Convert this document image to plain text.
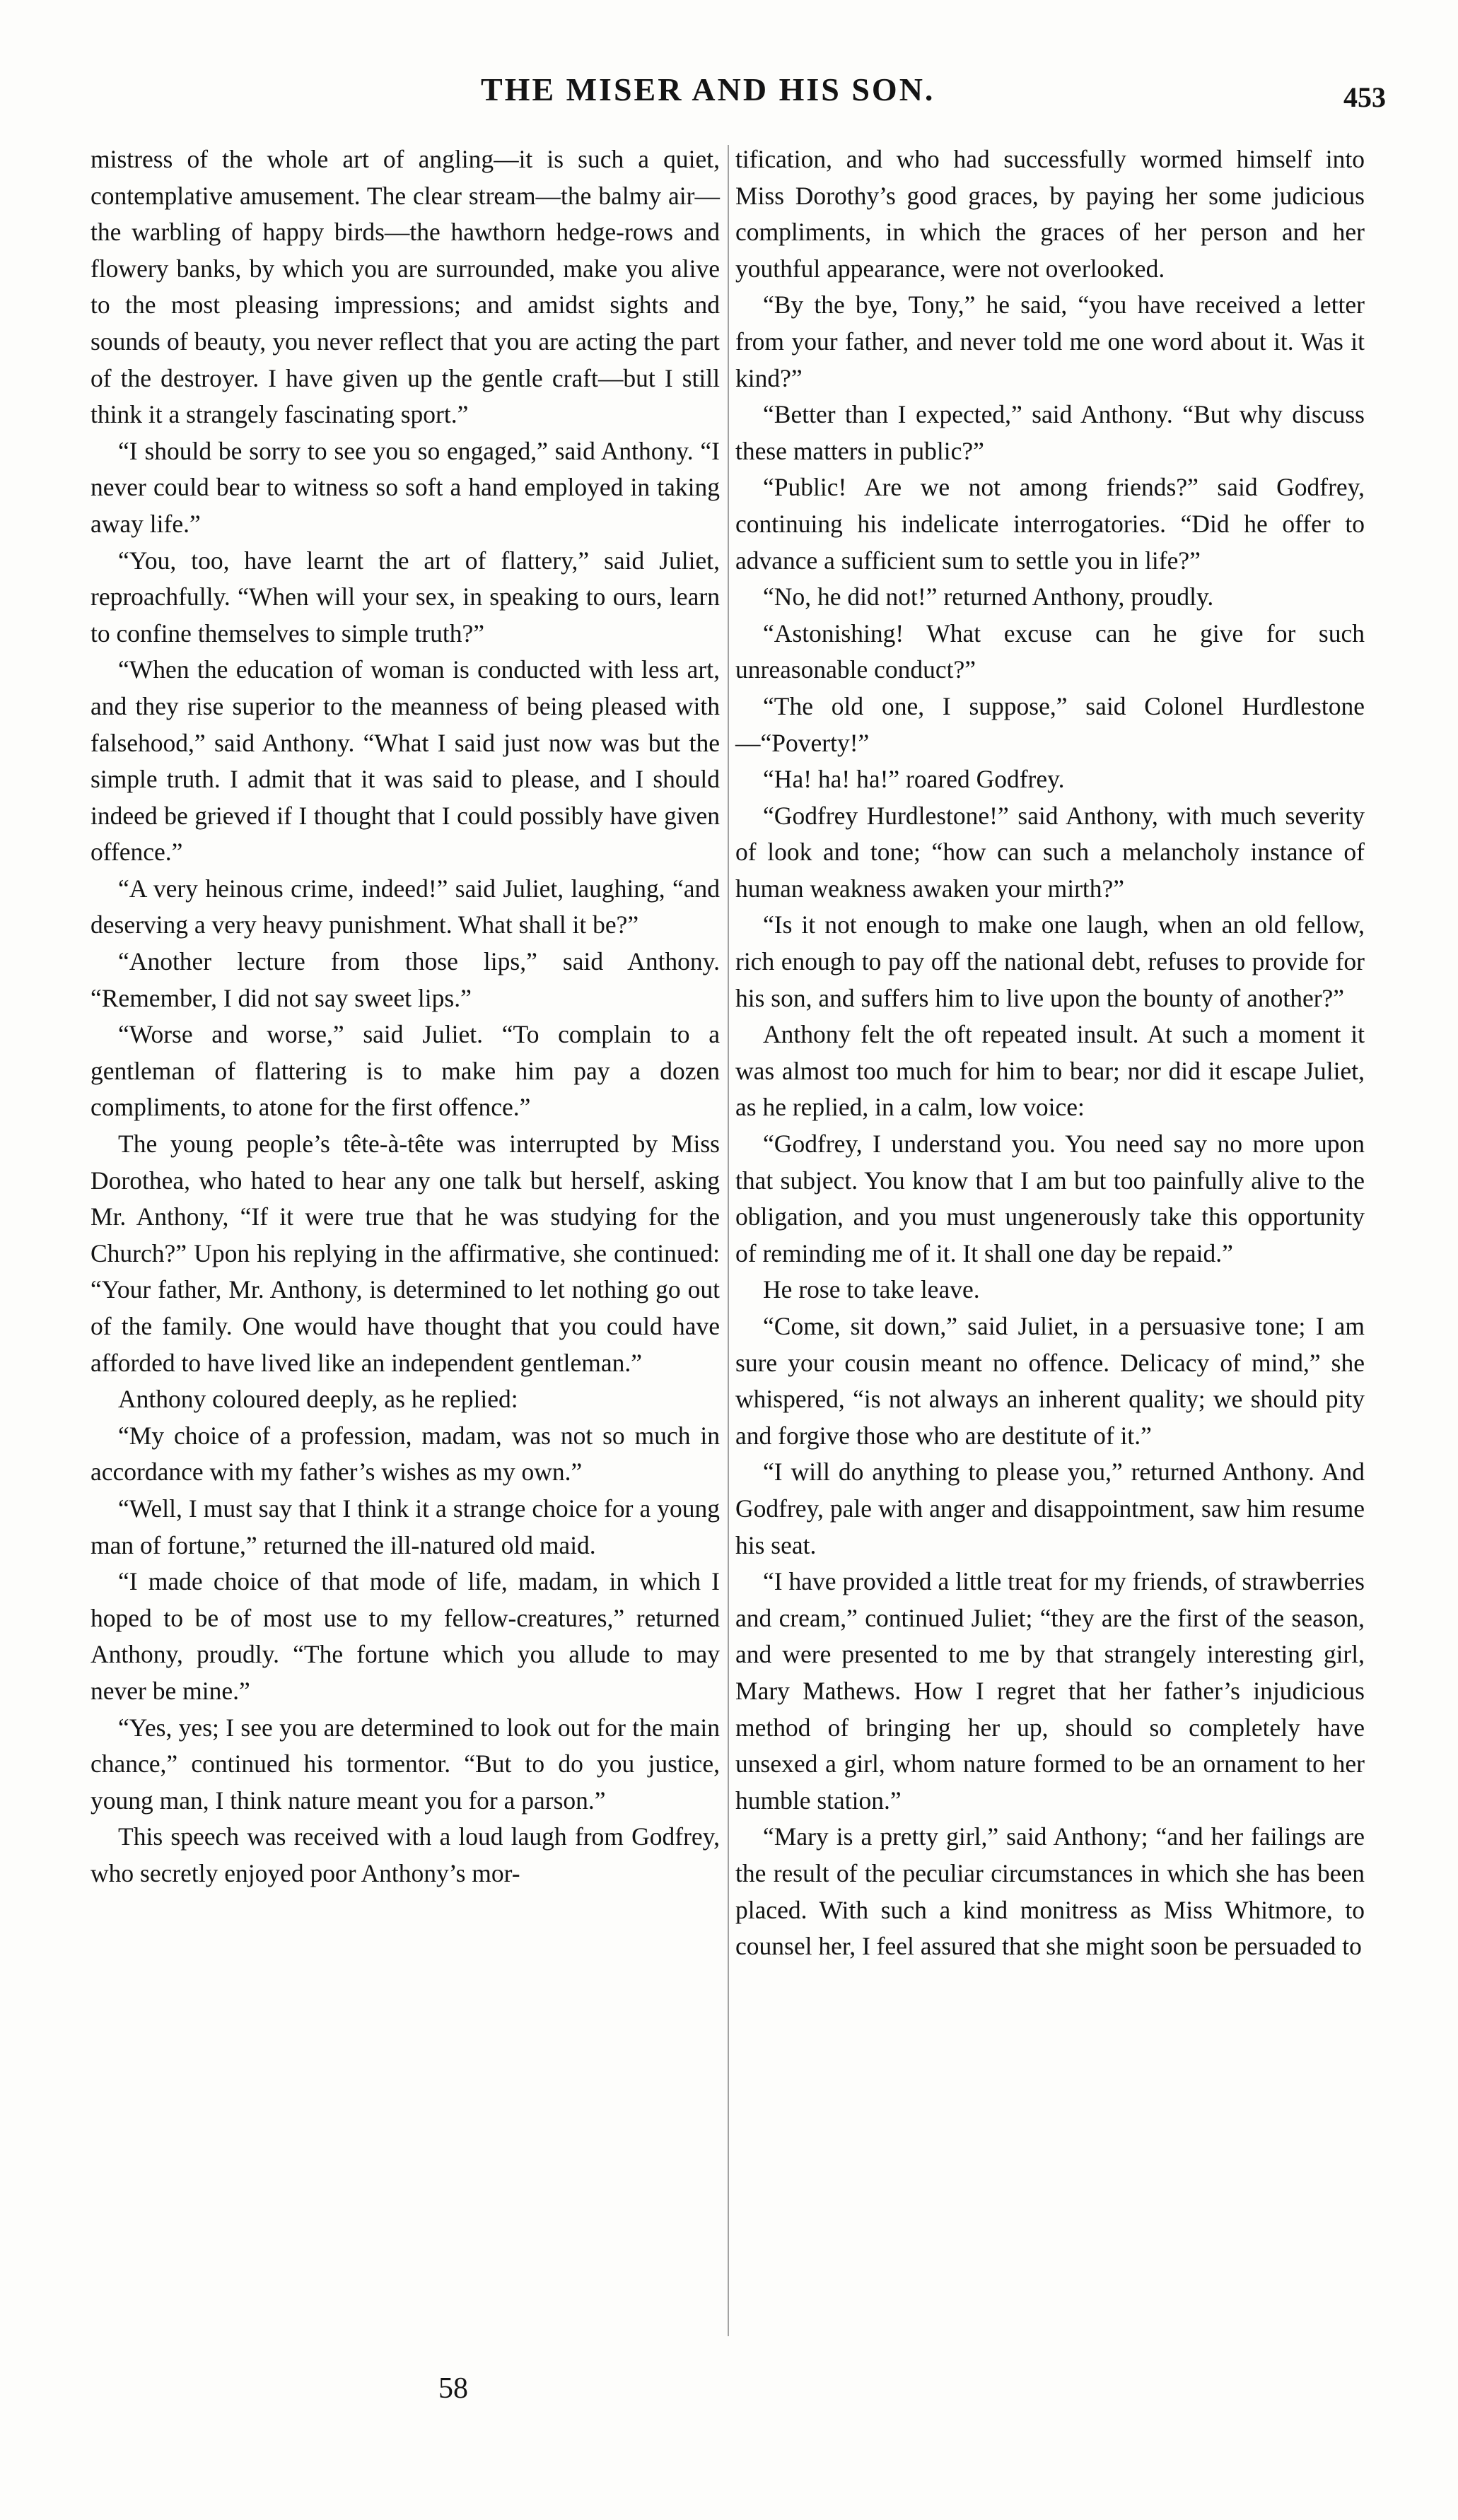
THE MISER AND HIS SON.	453

mistress of the whole art of angling—it is such a quiet, contemplative amusement. The clear stream—the balmy air—the warbling of happy birds—the hawthorn hedge-rows and flowery banks, by which you are surrounded, make you alive to the most pleasing impressions; and amidst sights and sounds of beauty, you never reflect that you are acting the part of the destroyer. I have given up the gentle craft—but I still think it a strangely fascinating sport.”

“I should be sorry to see you so engaged,” said Anthony. “I never could bear to witness so soft a hand employed in taking away life.”

“You, too, have learnt the art of flattery,” said Juliet, reproachfully. “When will your sex, in speaking to ours, learn to confine themselves to simple truth?”

“When the education of woman is conducted with less art, and they rise superior to the meanness of being pleased with falsehood,” said Anthony. “What I said just now was but the simple truth. I admit that it was said to please, and I should indeed be grieved if I thought that I could possibly have given offence.”

“A very heinous crime, indeed!” said Juliet, laughing, “and deserving a very heavy punishment. What shall it be?”

“Another lecture from those lips,” said Anthony. “Remember, I did not say sweet lips.”

“Worse and worse,” said Juliet. “To complain to a gentleman of flattering is to make him pay a dozen compliments, to atone for the first offence.”

The young people’s tête-à-tête was interrupted by Miss Dorothea, who hated to hear any one talk but herself, asking Mr. Anthony, “If it were true that he was studying for the Church?” Upon his replying in the affirmative, she continued: “Your father, Mr. Anthony, is determined to let nothing go out of the family. One would have thought that you could have afforded to have lived like an independent gentleman.”

Anthony coloured deeply, as he replied:

“My choice of a profession, madam, was not so much in accordance with my father’s wishes as my own.”

“Well, I must say that I think it a strange choice for a young man of fortune,” returned the ill-natured old maid.

“I made choice of that mode of life, madam, in which I hoped to be of most use to my fellow-creatures,” returned Anthony, proudly. “The fortune which you allude to may never be mine.”

“Yes, yes; I see you are determined to look out for the main chance,” continued his tormentor. “But to do you justice, young man, I think nature meant you for a parson.”

This speech was received with a loud laugh from Godfrey, who secretly enjoyed poor Anthony’s mor-

tification, and who had successfully wormed himself into Miss Dorothy’s good graces, by paying her some judicious compliments, in which the graces of her person and her youthful appearance, were not overlooked.

“By the bye, Tony,” he said, “you have received a letter from your father, and never told me one word about it. Was it kind?”

“Better than I expected,” said Anthony. “But why discuss these matters in public?”

“Public! Are we not among friends?” said Godfrey, continuing his indelicate interrogatories. “Did he offer to advance a sufficient sum to settle you in life?”

“No, he did not!” returned Anthony, proudly.

“Astonishing! What excuse can he give for such unreasonable conduct?”

“The old one, I suppose,” said Colonel Hurdlestone—“Poverty!”

“Ha! ha! ha!” roared Godfrey.

“Godfrey Hurdlestone!” said Anthony, with much severity of look and tone; “how can such a melancholy instance of human weakness awaken your mirth?”

“Is it not enough to make one laugh, when an old fellow, rich enough to pay off the national debt, refuses to provide for his son, and suffers him to live upon the bounty of another?”

Anthony felt the oft repeated insult. At such a moment it was almost too much for him to bear; nor did it escape Juliet, as he replied, in a calm, low voice:

“Godfrey, I understand you. You need say no more upon that subject. You know that I am but too painfully alive to the obligation, and you must ungenerously take this opportunity of reminding me of it. It shall one day be repaid.”

He rose to take leave.

“Come, sit down,” said Juliet, in a persuasive tone; I am sure your cousin meant no offence. Delicacy of mind,” she whispered, “is not always an inherent quality; we should pity and forgive those who are destitute of it.”

“I will do anything to please you,” returned Anthony. And Godfrey, pale with anger and disappointment, saw him resume his seat.

“I have provided a little treat for my friends, of strawberries and cream,” continued Juliet; “they are the first of the season, and were presented to me by that strangely interesting girl, Mary Mathews. How I regret that her father’s injudicious method of bringing her up, should so completely have unsexed a girl, whom nature formed to be an ornament to her humble station.”

“Mary is a pretty girl,” said Anthony; “and her failings are the result of the peculiar circumstances in which she has been placed. With such a kind monitress as Miss Whitmore, to counsel her, I feel assured that she might soon be persuaded to

58
